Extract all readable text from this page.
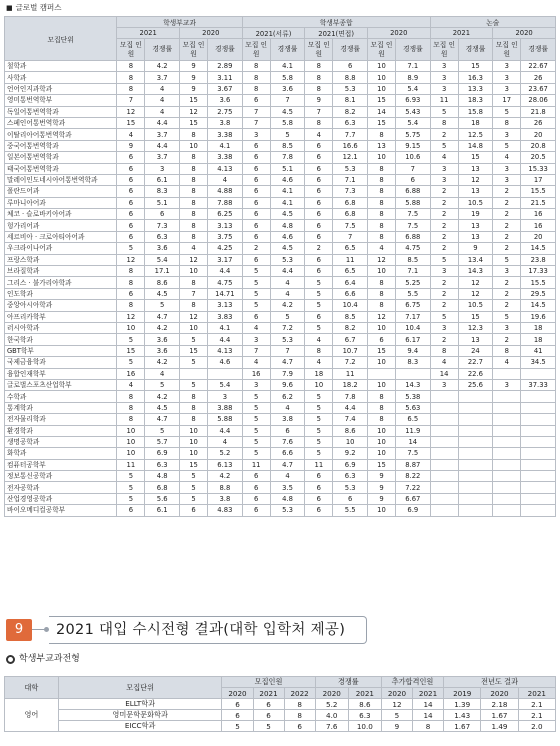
■ 글로벌 캠퍼스
모집단위	학생부교과				학생부종합						논술			
	2021		2020		2021(서류)		2021(면접)		2020		2021		2020	
	모집 인원	경쟁률	모집 인원	경쟁률	모집 인원	경쟁률	모집 인원	경쟁률	모집 인원	경쟁률	모집 인원	경쟁률	모집 인원	경쟁률
철학과	8	4.2	9	2.89	8	4.1	8	6	10	7.1	3	15	3	22.67
사학과	8	3.7	9	3.11	8	5.8	8	8.8	10	8.9	3	16.3	3	26
언어인지과학과	8	4	9	3.67	8	3.6	8	5.3	10	5.4	3	13.3	3	23.67
영미통번역학부	7	4	15	3.6	6	7	9	8.1	15	6.93	11	18.3	17	28.06
독일어통번역학과	12	4	12	2.75	7	4.5	7	8.2	14	5.43	5	15.8	5	21.8
스페인어통번역학과	15	4.4	15	3.8	7	5.8	8	6.3	15	5.4	8	18	8	26
이탈리아어통번역학과	4	3.7	8	3.38	3	5	4	7.7	8	5.75	2	12.5	3	20
중국어통번역학과	9	4.4	10	4.1	6	8.5	6	16.6	13	9.15	5	14.8	5	20.8
일본어통번역학과	6	3.7	8	3.38	6	7.8	6	12.1	10	10.6	4	15	4	20.5
태국어통번역학과	6	3	8	4.13	6	5.1	6	5.3	8	7	3	13	3	15.33
말레이인도네시아어통번역학과	6	6.1	8	4	6	4.6	6	7.1	8	6	3	12	3	17
폴란드어과	6	8.3	8	4.88	6	4.1	6	7.3	8	6.88	2	13	2	15.5
루마니아어과	6	5.1	8	7.88	6	4.1	6	6.8	8	5.88	2	10.5	2	21.5
체코 · 슬로바키아어과	6	6	8	6.25	6	4.5	6	6.8	8	7.5	2	19	2	16
헝가리어과	6	7.3	8	3.13	6	4.8	6	7.5	8	7.5	2	13	2	16
세르비아 · 크로아티아어과	6	6.3	8	3.75	6	4.6	6	7	8	6.88	2	13	2	20
우크라이나어과	5	3.6	4	4.25	2	4.5	2	6.5	4	4.75	2	9	2	14.5
프랑스학과	12	5.4	12	3.17	6	5.3	6	11	12	8.5	5	13.4	5	23.8
브라질학과	8	17.1	10	4.4	5	4.4	6	6.5	10	7.1	3	14.3	3	17.33
그리스 · 불가리아학과	8	8.6	8	4.75	5	4	5	6.4	8	5.25	2	12	2	15.5
인도학과	6	4.5	7	14.71	5	4	5	6.6	8	5.5	2	12	2	29.5
중앙아시아학과	8	5	8	3.13	5	4.2	5	10.4	8	6.75	2	10.5	2	14.5
아프리카학부	12	4.7	12	3.83	6	5	6	8.5	12	7.17	5	15	5	19.6
러시아학과	10	4.2	10	4.1	4	7.2	5	8.2	10	10.4	3	12.3	3	18
한국학과	5	3.6	5	4.4	3	5.3	4	6.7	6	6.17	2	13	2	18
GBT학부	15	3.6	15	4.13	7	7	8	10.7	15	9.4	8	24	8	41
국제금융학과	5	4.2	5	4.6	4	4.7	4	7.2	10	8.3	4	22.7	4	34.5
융합인재학부	16	4			16	7.9	18	11			14	22.6		
글로벌스포츠산업학부	4	5	5	5.4	3	9.6	10	18.2	10	14.3	3	25.6	3	37.33
수학과	8	4.2	8	3	5	6.2	5	7.8	8	5.38				
통계학과	8	4.5	8	3.88	5	4	5	4.4	8	5.63				
전자물리학과	8	4.7	8	5.88	5	3.8	5	7.4	8	6.5				
환경학과	10	5	10	4.4	5	6	5	8.6	10	11.9				
생명공학과	10	5.7	10	4	5	7.6	5	10	10	14				
화학과	10	6.9	10	5.2	5	6.6	5	9.2	10	7.5				
컴퓨터공학부	11	6.3	15	6.13	11	4.7	11	6.9	15	8.87				
정보통신공학과	5	4.8	5	4.2	6	4	6	6.3	9	8.22				
전자공학과	5	6.8	5	8.8	6	3.5	6	5.3	9	7.22				
산업경영공학과	5	5.6	5	3.8	6	4.8	6	6	9	6.67				
바이오메디컬공학부	6	6.1	6	4.83	6	5.3	6	5.5	10	6.9				
9	2021 대입 수시전형 결과(대학 입학처 제공)
학생부교과전형
대학	모집단위	모집인원			경쟁률		추가합격인원		전년도 결과		
		2020	2021	2022	2020	2021	2020	2021	2019	2020	2021
영어	ELLT학과	6	6	8	5.2	8.6	12	14	1.39	2.18	2.1
	영미문학문화학과	6	6	8	4.0	6.3	5	14	1.43	1.67	2.1
	EICC학과	5	5	6	7.6	10.0	9	8	1.67	1.49	2.0
